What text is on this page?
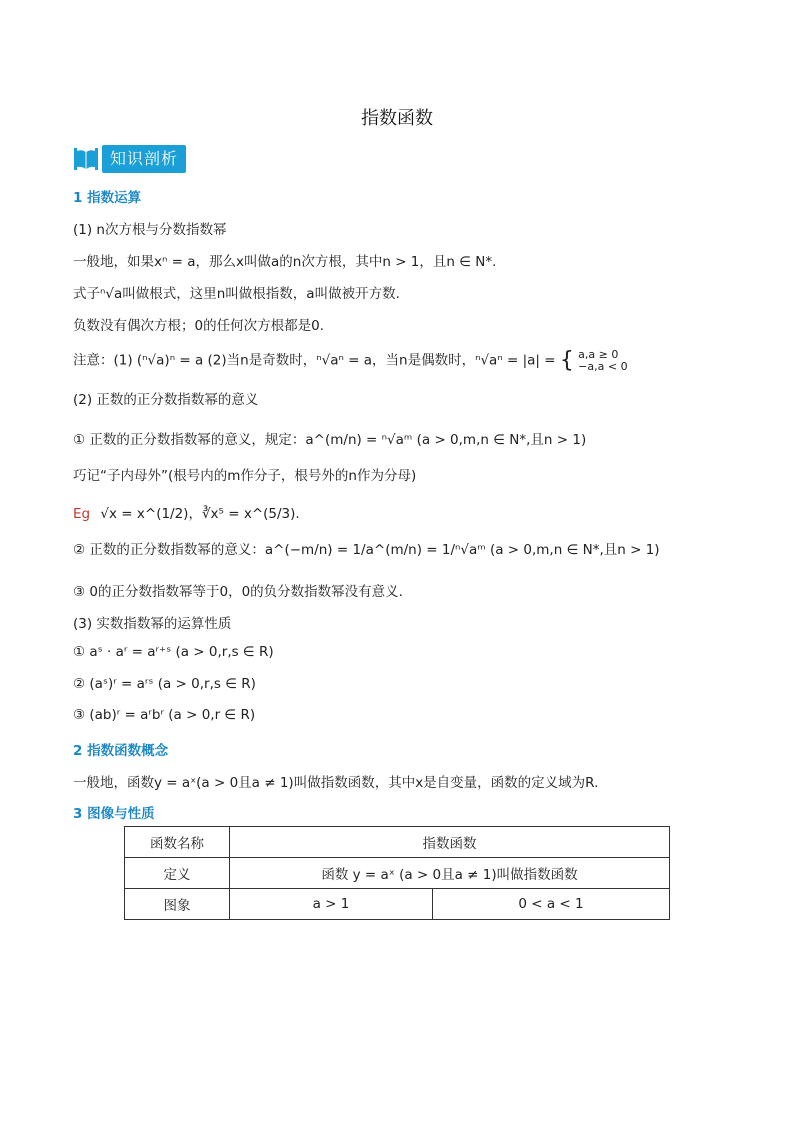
指数函数
知识剖析
1 指数运算
(1) n次方根与分数指数幂
一般地，如果xⁿ = a，那么x叫做a的n次方根，其中n > 1，且n ∈ N*.
式子ⁿ√a叫做根式，这里n叫做根指数，a叫做被开方数.
负数没有偶次方根；0的任何次方根都是0.
注意：(1) (ⁿ√a)ⁿ = a (2)当n是奇数时，ⁿ√aⁿ = a，当n是偶数时，ⁿ√aⁿ = |a| = { a,a ≥ 0
−a,a < 0
(2) 正数的正分数指数幂的意义
① 正数的正分数指数幂的意义，规定：a^(m/n) = ⁿ√aᵐ (a > 0,m,n ∈ N*,且n > 1)
巧记“子内母外”(根号内的m作分子，根号外的n作为分母)
Eg √x = x^(1/2)，∛x⁵ = x^(5/3).
② 正数的正分数指数幂的意义：a^(−m/n) = 1/a^(m/n) = 1/ⁿ√aᵐ (a > 0,m,n ∈ N*,且n > 1)
③ 0的正分数指数幂等于0，0的负分数指数幂没有意义.
(3) 实数指数幂的运算性质
① aˢ · aʳ = aʳ⁺ˢ (a > 0,r,s ∈ R)
② (aˢ)ʳ = aʳˢ (a > 0,r,s ∈ R)
③ (ab)ʳ = aʳbʳ (a > 0,r ∈ R)
2 指数函数概念
一般地，函数y = aˣ(a > 0且a ≠ 1)叫做指数函数，其中x是自变量，函数的定义域为R.
3 图像与性质
函数名称	指数函数	
定义	函数 y = aˣ (a > 0且a ≠ 1)叫做指数函数	
图象	a > 1	0 < a < 1
